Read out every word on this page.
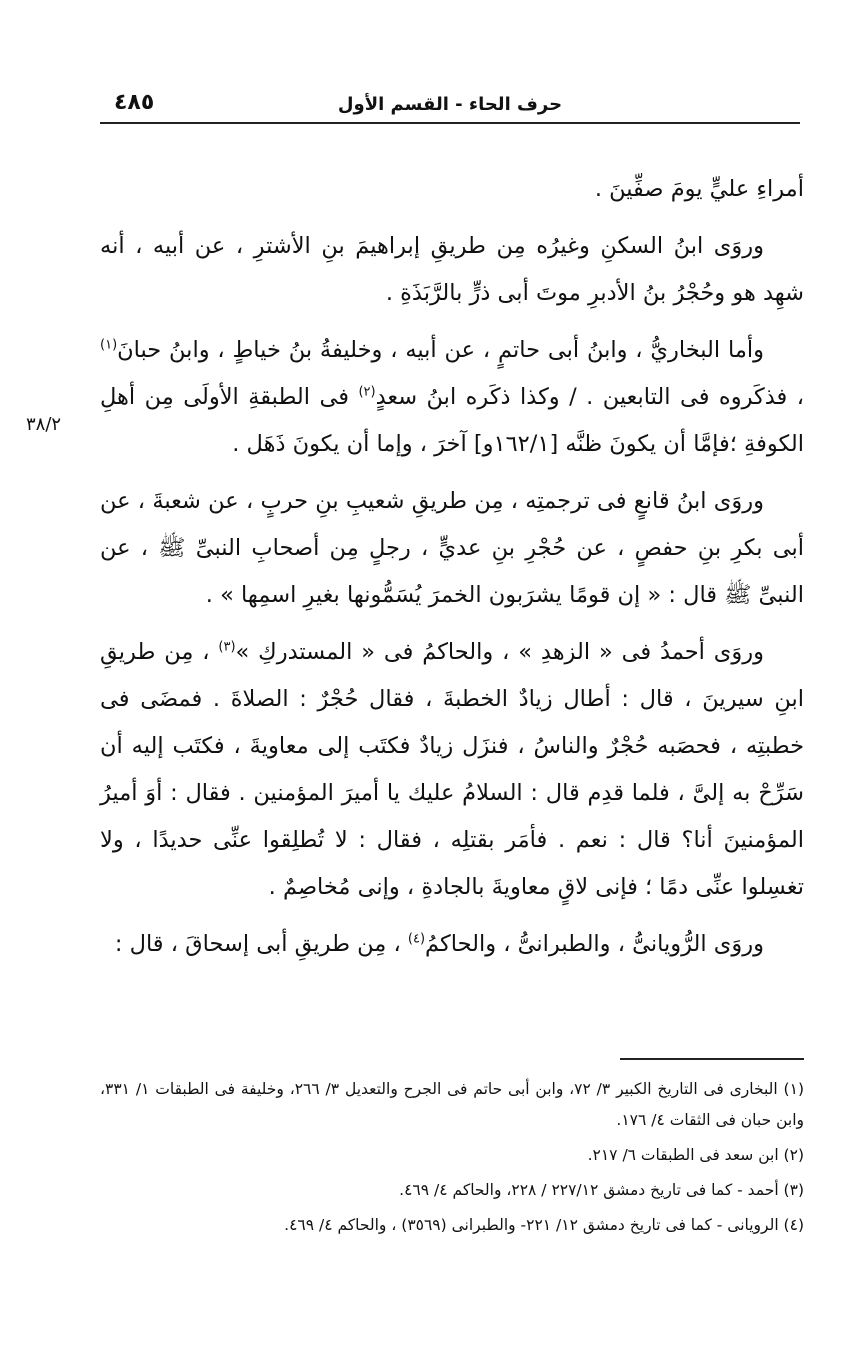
٤٨٥	حرف الحاء - القسم الأول

أمراءِ عليٍّ يومَ صفِّينَ .

وروَى ابنُ السكنِ وغيرُه مِن طريقِ إبراهيمَ بنِ الأشترِ ، عن أبيه ، أنه شهِد هو وحُجْرُ بنُ الأدبرِ موتَ أبى ذرٍّ بالرَّبَذَةِ .

وأما البخاريُّ ، وابنُ أبى حاتمٍ ، عن أبيه ، وخليفةُ بنُ خياطٍ ، وابنُ حبانَ$^{(١)}$ ، فذكَروه فى التابعين . / وكذا ذكَره ابنُ سعدٍ$^{(٢)}$ فى الطبقةِ الأولَى مِن أهلِ الكوفةِ ؛فإمَّا أن يكونَ ظنَّه [١٦٢/١و] آخرَ ، وإما أن يكونَ ذَهَل .

وروَى ابنُ قانعٍ فى ترجمتِه ، مِن طريقِ شعيبِ بنِ حربٍ ، عن شعبةَ ، عن أبى بكرِ بنِ حفصٍ ، عن حُجْرِ بنِ عديٍّ ، رجلٍ مِن أصحابِ النبىِّ ﷺ ، عن النبىِّ ﷺ قال : « إن قومًا يشرَبون الخمرَ يُسَمُّونها بغيرِ اسمِها » .

وروَى أحمدُ فى « الزهدِ » ، والحاكمُ فى « المستدركِ »$^{(٣)}$ ، مِن طريقِ ابنِ سيرينَ ، قال : أطال زيادٌ الخطبةَ ، فقال حُجْرٌ : الصلاةَ . فمضَى فى خطبتِه ، فحصَبه حُجْرٌ والناسُ ، فنزَل زيادٌ فكتَب إلى معاويةَ ، فكتَب إليه أن سَرِّحْ به إلىَّ ، فلما قدِم قال : السلامُ عليك يا أميرَ المؤمنين . فقال : أوَ أميرُ المؤمنينَ أنا؟ قال : نعم . فأمَر بقتلِه ، فقال : لا تُطلِقوا عنِّى حديدًا ، ولا تغسِلوا عنِّى دمًا ؛ فإنى لاقٍ معاويةَ بالجادةِ ، وإنى مُخاصِمٌ .

وروَى الرُّويانىُّ ، والطبرانىُّ ، والحاكمُ$^{(٤)}$ ، مِن طريقِ أبى إسحاقَ ، قال :

٣٨/٢

(١) البخارى فى التاريخ الكبير ٣/ ٧٢، وابن أبى حاتم فى الجرح والتعديل ٣/ ٢٦٦، وخليفة فى الطبقات ١/ ٣٣١، وابن حبان فى الثقات ٤/ ١٧٦.

(٢) ابن سعد فى الطبقات ٦/ ٢١٧.

(٣) أحمد - كما فى تاريخ دمشق ٢٢٧/١٢ / ٢٢٨، والحاكم ٤/ ٤٦٩.

(٤) الرويانى - كما فى تاريخ دمشق ١٢/ ٢٢١- والطبرانى (٣٥٦٩) ، والحاكم ٤/ ٤٦٩.
